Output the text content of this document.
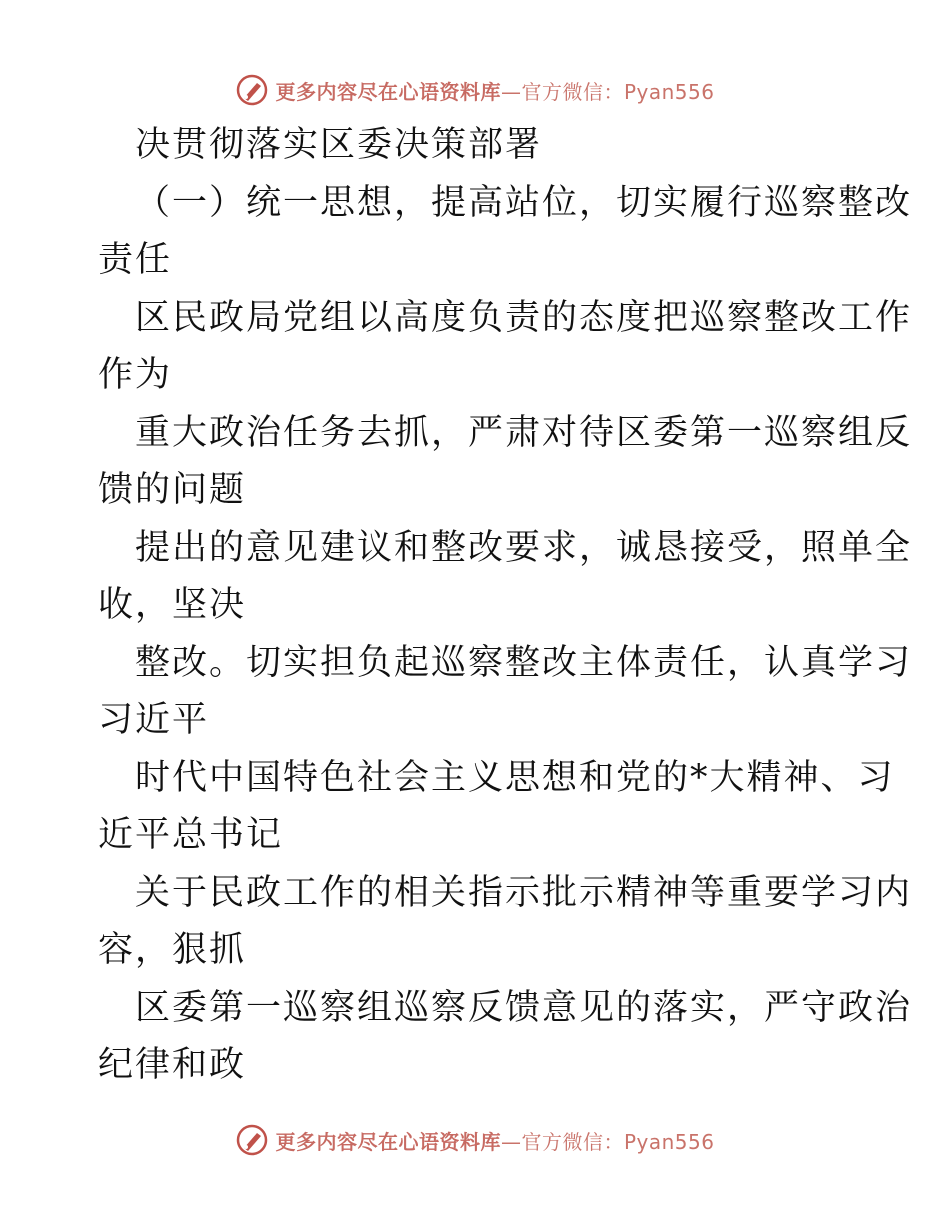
更多内容尽在心语资料库—官方微信：Pyan556
决贯彻落实区委决策部署
（一）统一思想，提高站位，切实履行巡察整改
责任
区民政局党组以高度负责的态度把巡察整改工作
作为
重大政治任务去抓，严肃对待区委第一巡察组反
馈的问题
提出的意见建议和整改要求，诚恳接受，照单全
收，坚决
整改。切实担负起巡察整改主体责任，认真学习
习近平
时代中国特色社会主义思想和党的*大精神、习
近平总书记
关于民政工作的相关指示批示精神等重要学习内
容，狠抓
区委第一巡察组巡察反馈意见的落实，严守政治
纪律和政
更多内容尽在心语资料库—官方微信：Pyan556
